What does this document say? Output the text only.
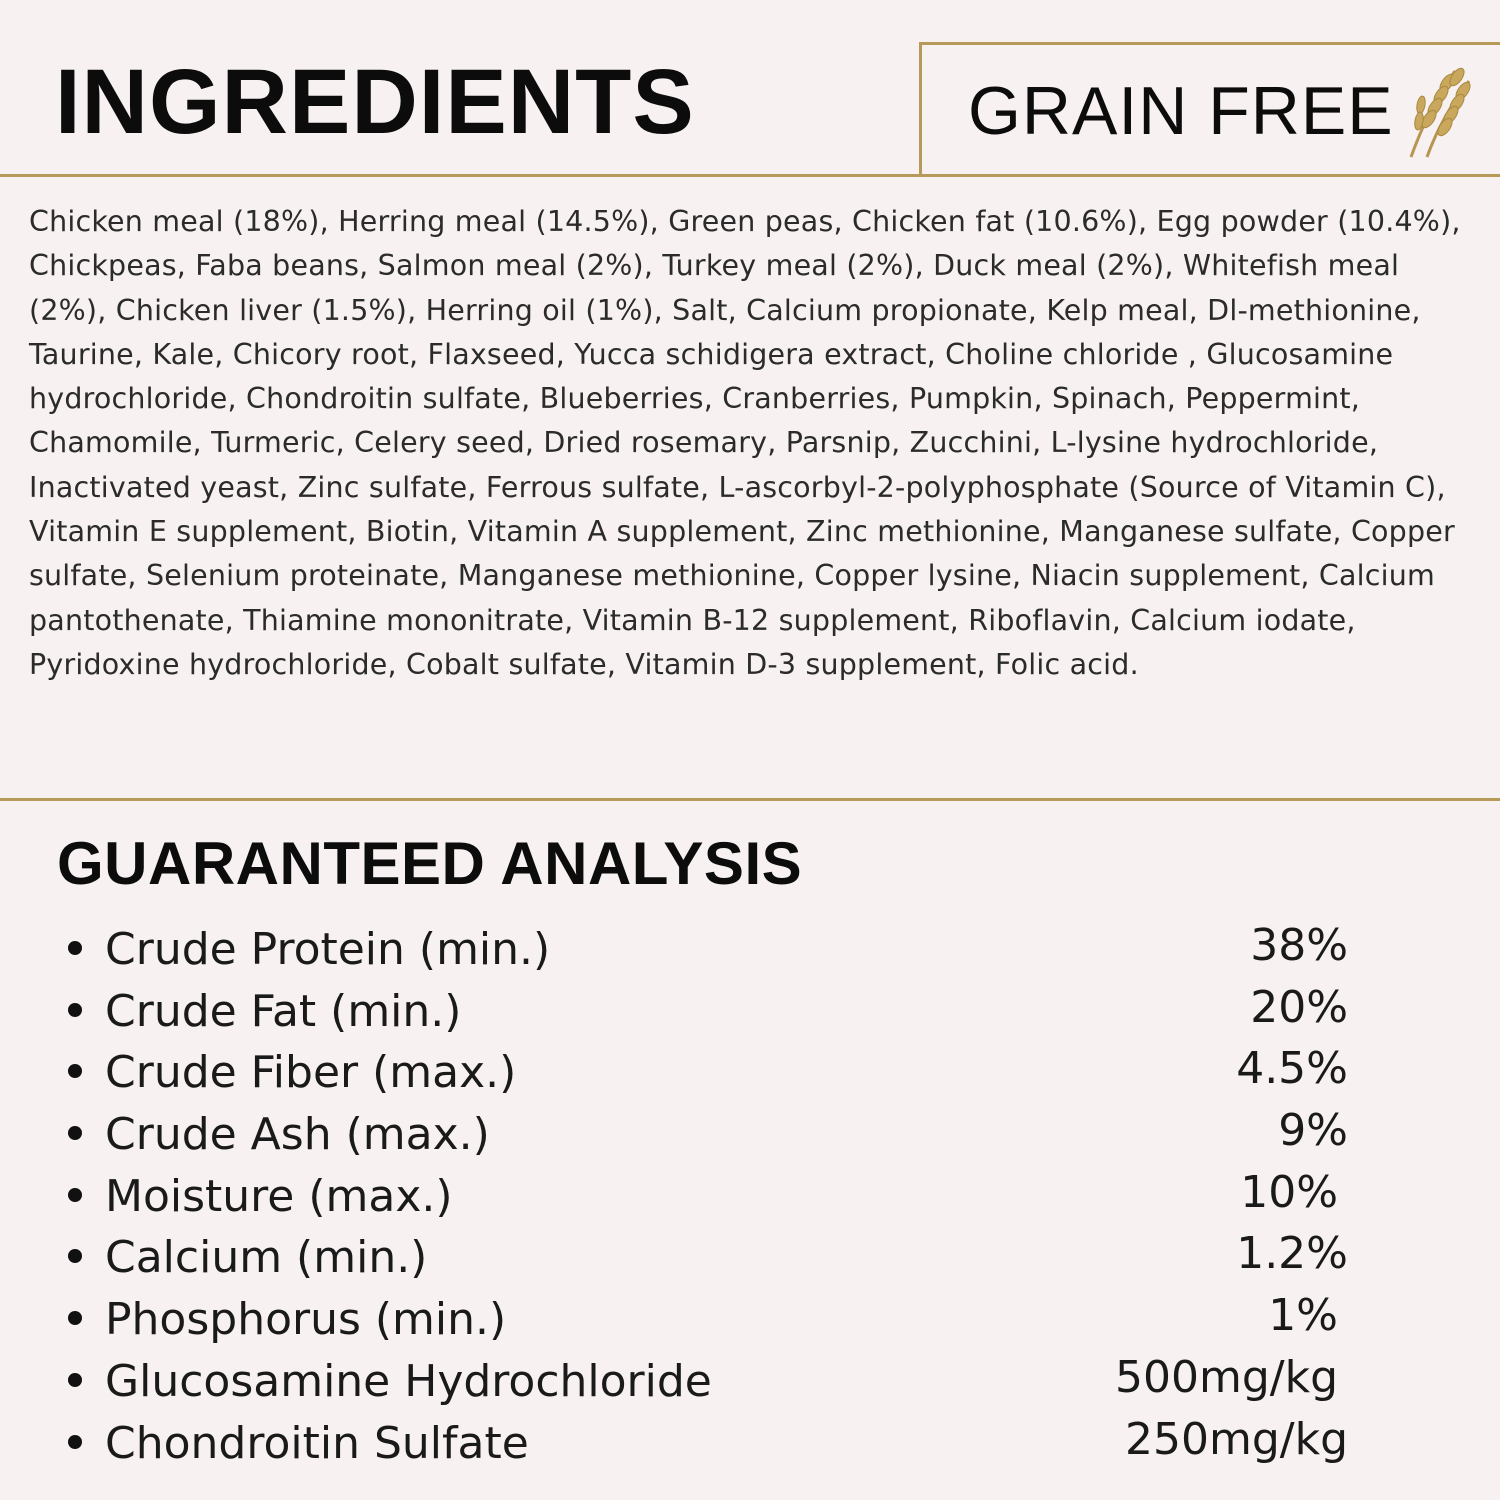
INGREDIENTS	GRAIN FREE
Chicken meal (18%), Herring meal (14.5%), Green peas, Chicken fat (10.6%), Egg powder (10.4%), Chickpeas, Faba beans, Salmon meal (2%), Turkey meal (2%), Duck meal (2%), Whitefish meal (2%), Chicken liver (1.5%), Herring oil (1%), Salt, Calcium propionate, Kelp meal, Dl-methionine, Taurine, Kale, Chicory root, Flaxseed, Yucca schidigera extract, Choline chloride , Glucosamine hydrochloride, Chondroitin sulfate, Blueberries, Cranberries, Pumpkin, Spinach, Peppermint, Chamomile, Turmeric, Celery seed, Dried rosemary, Parsnip, Zucchini, L-lysine hydrochloride, Inactivated yeast, Zinc sulfate, Ferrous sulfate, L-ascorbyl-2-polyphosphate (Source of Vitamin C), Vitamin E supplement, Biotin, Vitamin A supplement, Zinc methionine, Manganese sulfate, Copper sulfate, Selenium proteinate, Manganese methionine, Copper lysine, Niacin supplement, Calcium pantothenate, Thiamine mononitrate, Vitamin B-12 supplement, Riboflavin, Calcium iodate, Pyridoxine hydrochloride, Cobalt sulfate, Vitamin D-3 supplement, Folic acid.
GUARANTEED ANALYSIS
Crude Protein (min.)	38%
Crude Fat (min.)	20%
Crude Fiber (max.)	4.5%
Crude Ash (max.)	9%
Moisture (max.)	10%
Calcium (min.)	1.2%
Phosphorus (min.)	1%
Glucosamine Hydrochloride	500mg/kg
Chondroitin Sulfate	250mg/kg
